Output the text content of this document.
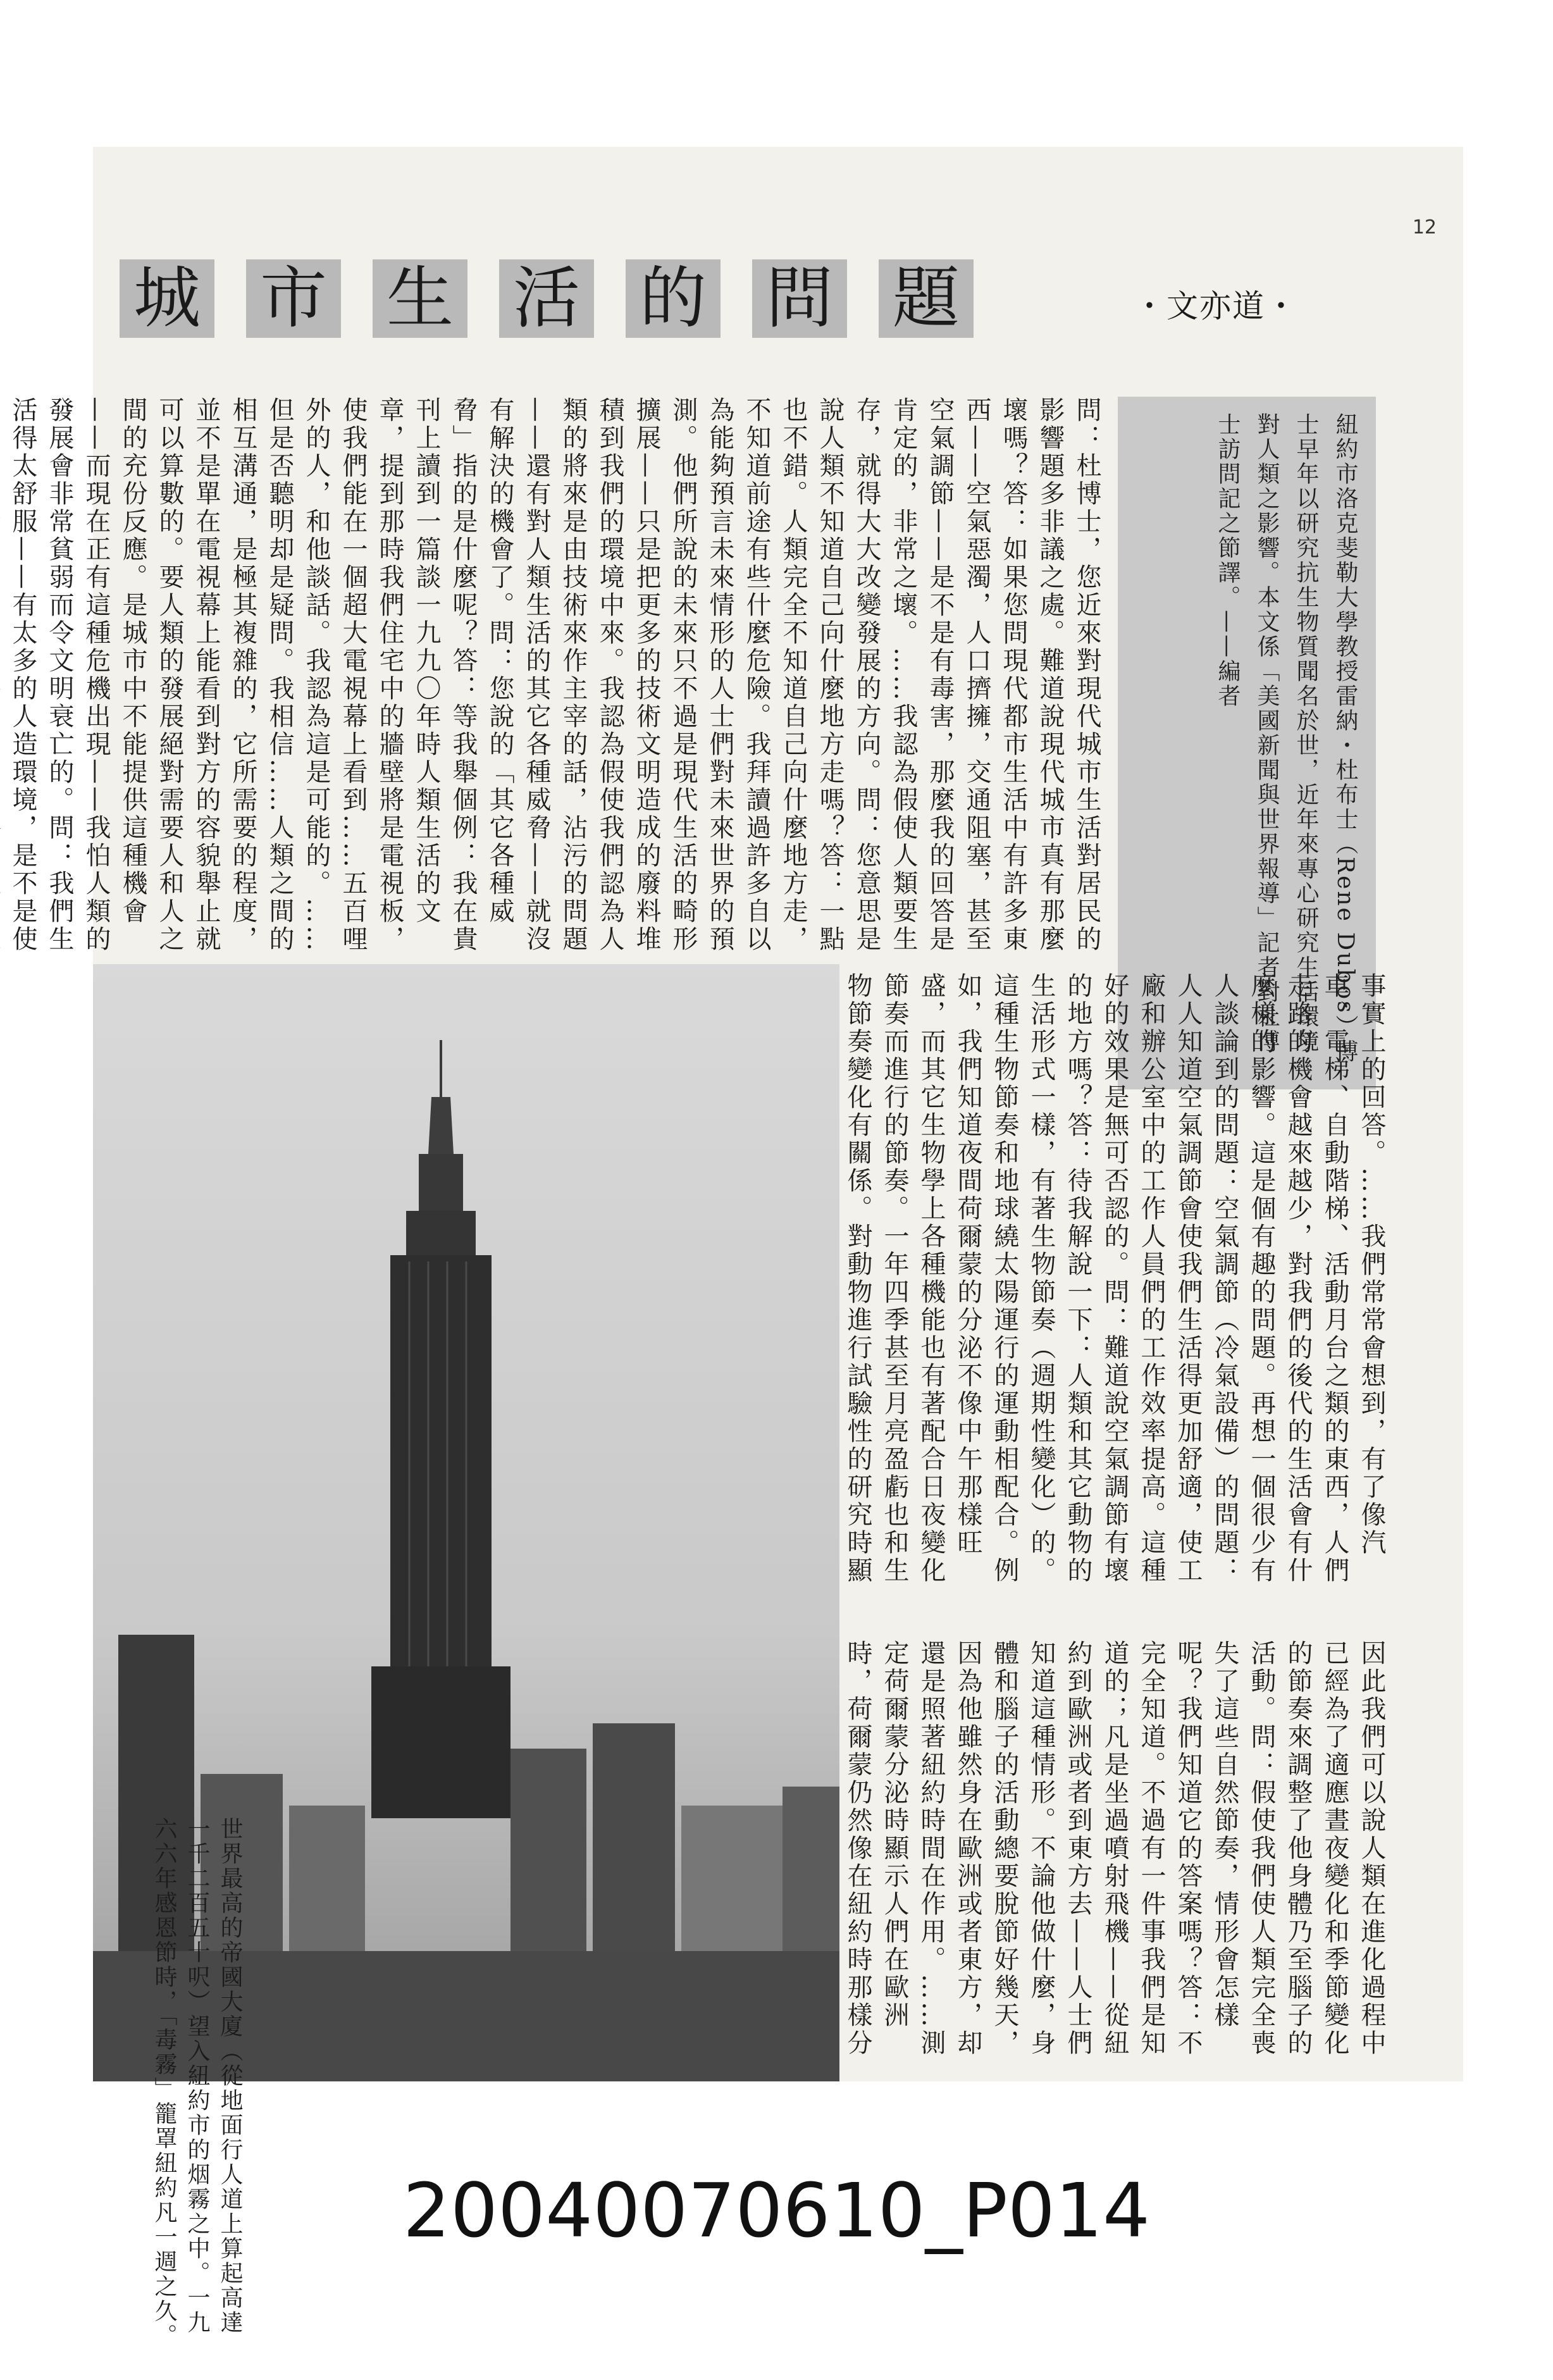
12
城 市 生 活 的 問 題	・文亦道・
紐約市洛克斐勒大學教授雷納・杜布士（Rene Dubos）博士早年以研究抗生物質聞名於世，近年來專心研究生活環境對人類之影響。本文係「美國新聞與世界報導」記者對杜博士訪問記之節譯。——編者
問：杜博士，您近來對現代城市生活對居民的影響題多非議之處。難道說現代城市真有那麼壞嗎？答：如果您問現代都市生活中有許多東西——空氣惡濁，人口擠擁，交通阻塞，甚至空氣調節——是不是有毒害，那麼我的回答是肯定的，非常之壞。……我認為假使人類要生存，就得大大改變發展的方向。問：您意思是說人類不知道自己向什麼地方走嗎？答：一點也不錯。人類完全不知道自己向什麼地方走，不知道前途有些什麼危險。我拜讀過許多自以為能夠預言未來情形的人士們對未來世界的預測。他們所說的未來只不過是現代生活的畸形擴展——只是把更多的技術文明造成的廢料堆積到我們的環境中來。我認為假使我們認為人類的將來是由技術來作主宰的話，沾污的問題——還有對人類生活的其它各種威脅——就沒有解決的機會了。問：您說的「其它各種威脅」指的是什麼呢？答：等我舉個例：我在貴刊上讀到一篇談一九九〇年時人類生活的文章，提到那時我們住宅中的牆壁將是電視板，使我們能在一個超大電視幕上看到……五百哩外的人，和他談話。我認為這是可能的。……但是否聽明却是疑問。我相信……人類之間的相互溝通，是極其複雜的，它所需要的程度，並不是單在電視幕上能看到對方的容貌舉止就可以算數的。要人類的發展絕對需要人和人之間的充份反應。是城市中不能提供這種機會——而現在正有這種危機出現——我怕人類的發展會非常貧弱而令文明衰亡的。問：我們生活得太舒服——有太多的人造環境，是不是使
事實上的回答。……我們常常會想到，有了像汽車、電梯、自動階梯、活動月台之類的東西，人們走路的機會越來越少，對我們的後代的生活會有什麼樣的影響。這是個有趣的問題。再想一個很少有人談論到的問題：空氣調節（冷氣設備）的問題：人人知道空氣調節會使我們生活得更加舒適，使工廠和辦公室中的工作人員們的工作效率提高。這種好的效果是無可否認的。問：難道說空氣調節有壞的地方嗎？答：待我解說一下：人類和其它動物的生活形式一樣，有著生物節奏（週期性變化）的。這種生物節奏和地球繞太陽運行的運動相配合。例如，我們知道夜間荷爾蒙的分泌不像中午那樣旺盛，而其它生物學上各種機能也有著配合日夜變化節奏而進行的節奏。一年四季甚至月亮盈虧也和生物節奏變化有關係。對動物進行試驗性的研究時顯
因此我們可以說人類在進化過程中已經為了適應晝夜變化和季節變化的節奏來調整了他身體乃至腦子的活動。問：假使我們使人類完全喪失了這些自然節奏，情形會怎樣呢？我們知道它的答案嗎？答：不完全知道。不過有一件事我們是知道的；凡是坐過噴射飛機——從紐約到歐洲或者到東方去——人士們知道這種情形。不論他做什麼，身體和腦子的活動總要脫節好幾天，因為他雖然身在歐洲或者東方，却還是照著紐約時間在作用。……測定荷爾蒙分泌時顯示人們在歐洲時，荷爾蒙仍然像在紐約時那樣分
世界最高的帝國大廈（從地面行人道上算起高達一千二百五十呎）望入紐約市的烟霧之中。一九六六年感恩節時，「毒霧」籠罩紐約凡一週之久。	20040070610_P014
